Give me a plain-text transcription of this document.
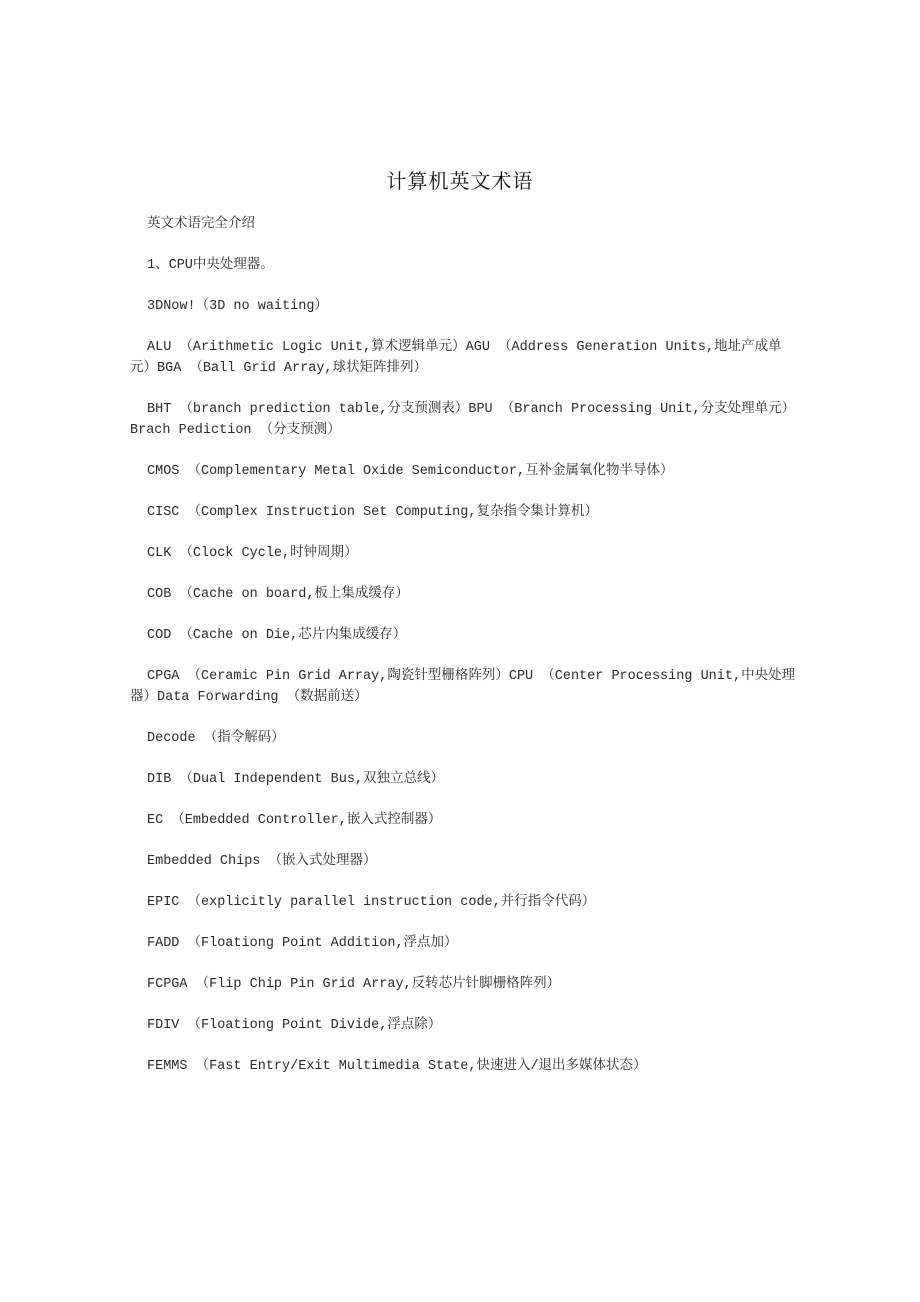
计算机英文术语

英文术语完全介绍

1、CPU中央处理器。

3DNow!（3D no waiting）

ALU （Arithmetic Logic Unit,算术逻辑单元）AGU （Address Generation Units,地址产成单元）BGA （Ball Grid Array,球状矩阵排列）

BHT （branch prediction table,分支预测表）BPU （Branch Processing Unit,分支处理单元）Brach Pediction （分支预测）

CMOS （Complementary Metal Oxide Semiconductor,互补金属氧化物半导体）

CISC （Complex Instruction Set Computing,复杂指令集计算机）

CLK （Clock Cycle,时钟周期）

COB （Cache on board,板上集成缓存）

COD （Cache on Die,芯片内集成缓存）

CPGA （Ceramic Pin Grid Array,陶瓷针型栅格阵列）CPU （Center Processing Unit,中央处理器）Data Forwarding （数据前送）

Decode （指令解码）

DIB （Dual Independent Bus,双独立总线）

EC （Embedded Controller,嵌入式控制器）

Embedded Chips （嵌入式处理器）

EPIC （explicitly parallel instruction code,并行指令代码）

FADD （Floationg Point Addition,浮点加）

FCPGA （Flip Chip Pin Grid Array,反转芯片针脚栅格阵列）

FDIV （Floationg Point Divide,浮点除）

FEMMS （Fast Entry/Exit Multimedia State,快速进入/退出多媒体状态）
